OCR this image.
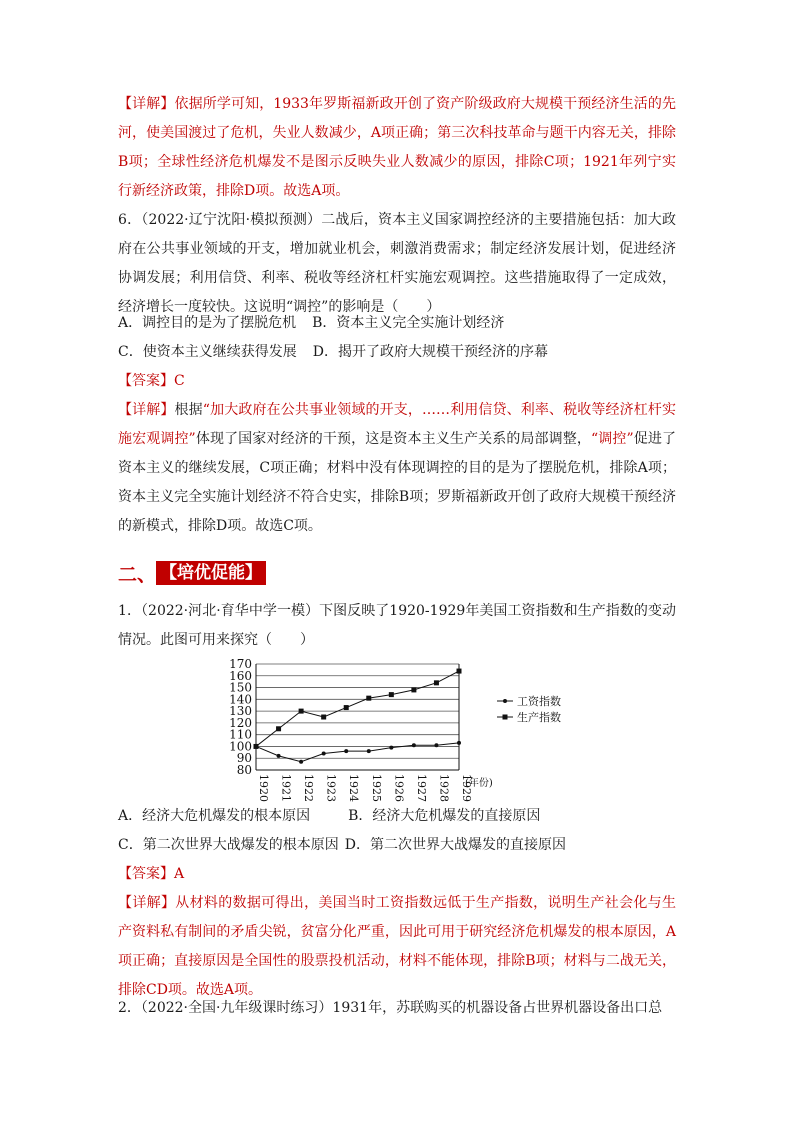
【详解】依据所学可知，1933年罗斯福新政开创了资产阶级政府大规模干预经济生活的先河，使美国渡过了危机，失业人数减少，A项正确；第三次科技革命与题干内容无关，排除B项；全球性经济危机爆发不是图示反映失业人数减少的原因，排除C项；1921年列宁实行新经济政策，排除D项。故选A项。

6．（2022·辽宁沈阳·模拟预测）二战后，资本主义国家调控经济的主要措施包括：加大政府在公共事业领域的开支，增加就业机会，刺激消费需求；制定经济发展计划，促进经济协调发展；利用信贷、利率、税收等经济杠杆实施宏观调控。这些措施取得了一定成效，经济增长一度较快。这说明“调控”的影响是（　　）

A．调控目的是为了摆脱危机 B．资本主义完全实施计划经济
C．使资本主义继续获得发展 D．揭开了政府大规模干预经济的序幕
【答案】C

【详解】根据“加大政府在公共事业领域的开支，……利用信贷、利率、税收等经济杠杆实施宏观调控”体现了国家对经济的干预，这是资本主义生产关系的局部调整，“调控”促进了资本主义的继续发展，C项正确；材料中没有体现调控的目的是为了摆脱危机，排除A项；资本主义完全实施计划经济不符合史实，排除B项；罗斯福新政开创了政府大规模干预经济的新模式，排除D项。故选C项。

二、 【培优促能】

1．（2022·河北·育华中学一模）下图反映了1920-1929年美国工资指数和生产指数的变动情况。此图可用来探究（　　）

80
90
100
110
120
130
140
150
160
170
1920 1921 1922 1923 1924 1925 1926 1927 1928 1929
(年份)
工资指数
生产指数
A．经济大危机爆发的根本原因	B．经济大危机爆发的直接原因
C．第二次世界大战爆发的根本原因 D．第二次世界大战爆发的直接原因
【答案】A

【详解】从材料的数据可得出，美国当时工资指数远低于生产指数，说明生产社会化与生产资料私有制间的矛盾尖锐，贫富分化严重，因此可用于研究经济危机爆发的根本原因，A项正确；直接原因是全国性的股票投机活动，材料不能体现，排除B项；材料与二战无关，排除CD项。故选A项。

2．（2022·全国·九年级课时练习）1931年，苏联购买的机器设备占世界机器设备出口总
